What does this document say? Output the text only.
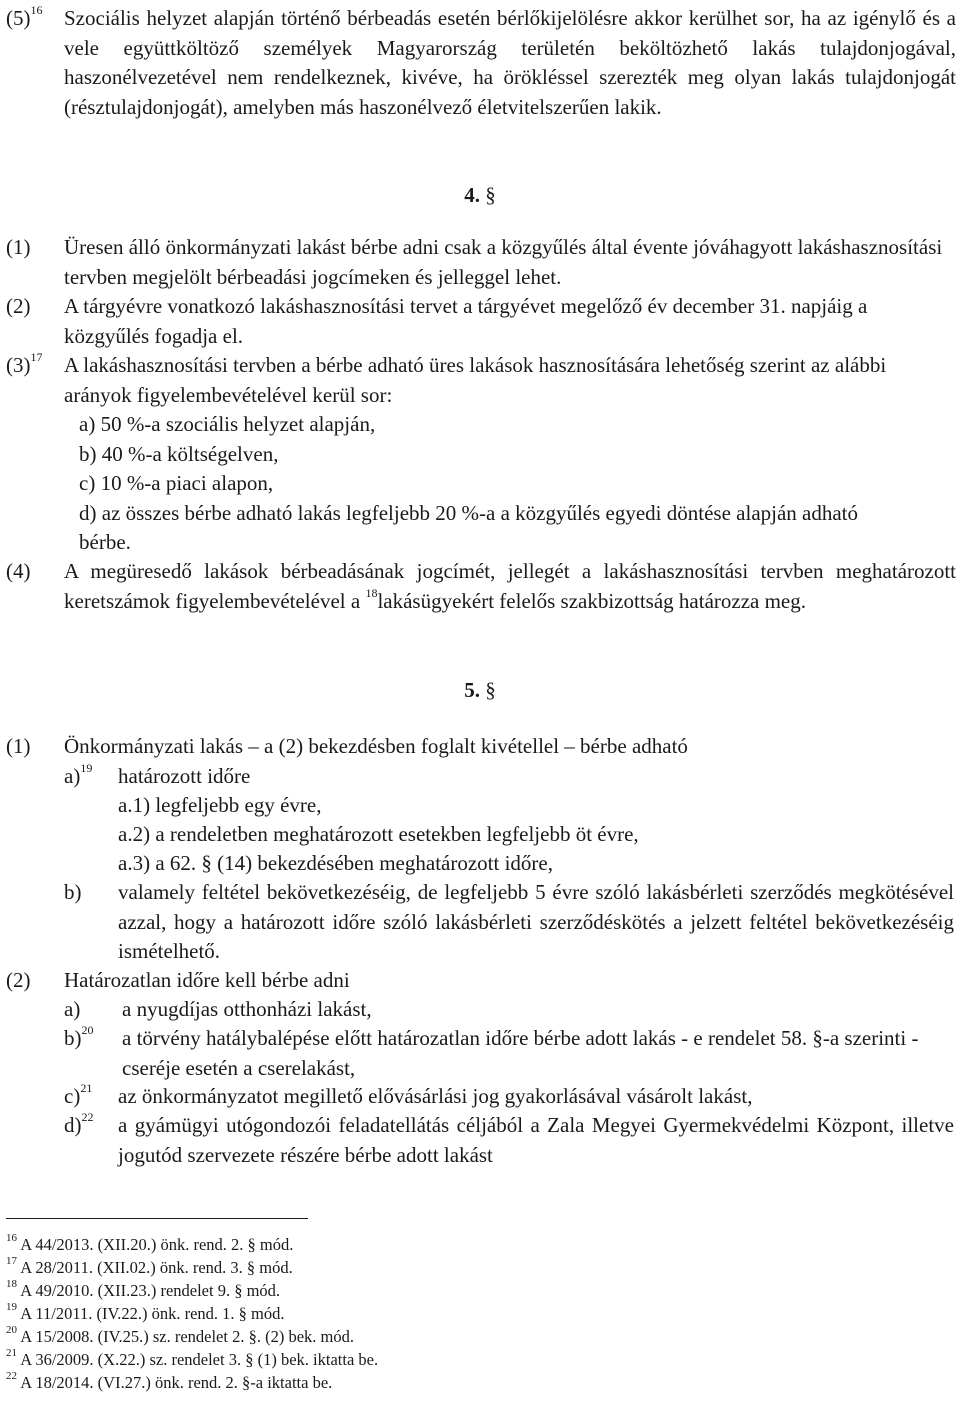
$(5)^{16}$ Szociális helyzet alapján történő bérbeadás esetén bérlőkijelölésre akkor kerülhet sor, ha az igénylő és a vele együttköltöző személyek Magyarország területén beköltözhető lakás tulajdonjogával, haszonélvezetével nem rendelkeznek, kivéve, ha örökléssel szerezték meg olyan lakás tulajdonjogát (résztulajdonjogát), amelyben más haszonélvező életvitelszerűen lakik.
4. §
(1) Üresen álló önkormányzati lakást bérbe adni csak a közgyűlés által évente jóváhagyott lakáshasznosítási tervben megjelölt bérbeadási jogcímeken és jelleggel lehet.
(2) A tárgyévre vonatkozó lakáshasznosítási tervet a tárgyévet megelőző év december 31. napjáig a közgyűlés fogadja el.
$(3)^{17}$ A lakáshasznosítási tervben a bérbe adható üres lakások hasznosítására lehetőség szerint az alábbi arányok figyelembevételével kerül sor:
a) 50 %-a szociális helyzet alapján,
b) 40 %-a költségelven,
c) 10 %-a piaci alapon,
d) az összes bérbe adható lakás legfeljebb 20 %-a a közgyűlés egyedi döntése alapján adható bérbe.
(4) A megüresedő lakások bérbeadásának jogcímét, jellegét a lakáshasznosítási tervben meghatározott keretszámok figyelembevételével a $^{18}$lakásügyekért felelős szakbizottság határozza meg.
5. §
(1) Önkormányzati lakás – a (2) bekezdésben foglalt kivétellel – bérbe adható
a)$^{19}$ határozott időre
a.1) legfeljebb egy évre,
a.2) a rendeletben meghatározott esetekben legfeljebb öt évre,
a.3) a 62. § (14) bekezdésében meghatározott időre,
b) valamely feltétel bekövetkezéséig, de legfeljebb 5 évre szóló lakásbérleti szerződés megkötésével azzal, hogy a határozott időre szóló lakásbérleti szerződéskötés a jelzett feltétel bekövetkezéséig ismételhető.
(2) Határozatlan időre kell bérbe adni
a) a nyugdíjas otthonházi lakást,
b)$^{20}$ a törvény hatálybalépése előtt határozatlan időre bérbe adott lakás - e rendelet 58. §-a szerinti - cseréje esetén a cserelakást,
c)$^{21}$ az önkormányzatot megillető elővásárlási jog gyakorlásával vásárolt lakást,
d)$^{22}$ a gyámügyi utógondozói feladatellátás céljából a Zala Megyei Gyermekvédelmi Központ, illetve jogutód szervezete részére bérbe adott lakást
$^{16}$ A 44/2013. (XII.20.) önk. rend. 2. § mód.
$^{17}$ A 28/2011. (XII.02.) önk. rend. 3. § mód.
$^{18}$ A 49/2010. (XII.23.) rendelet 9. § mód.
$^{19}$ A 11/2011. (IV.22.) önk. rend. 1. § mód.
$^{20}$ A 15/2008. (IV.25.) sz. rendelet 2. §. (2) bek. mód.
$^{21}$ A 36/2009. (X.22.) sz. rendelet 3. § (1) bek. iktatta be.
$^{22}$ A 18/2014. (VI.27.) önk. rend. 2. §-a iktatta be.
